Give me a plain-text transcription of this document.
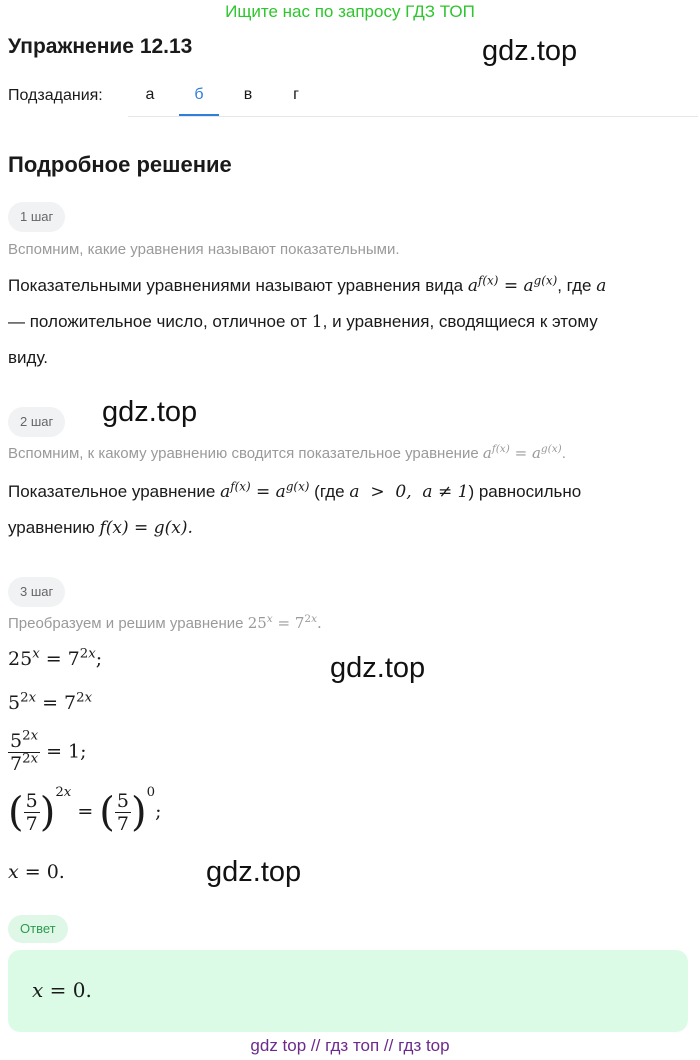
Ищите нас по запросу ГДЗ ТОП
Упражнение 12.13	gdz.top
Подзадания:	а	б	в	г
Подробное решение
1 шаг
Вспомним, какие уравнения называют показательными.
Показательными уравнениями называют уравнения вида $a^{f(x)} = a^{g(x)}$, где a
— положительное число, отличное от 1, и уравнения, сводящиеся к этому
виду.
2 шаг	gdz.top
Вспомним, к какому уравнению сводится показательное уравнение $a^{f(x)} = a^{g(x)}$.
Показательное уравнение $a^{f(x)} = a^{g(x)}$ (где a  >  0,  a ≠ 1) равносильно
уравнению f(x) = g(x).
3 шаг
Преобразуем и решим уравнение $25^x = 7^{2x}$.
$25^x = 7^{2x}$;	gdz.top
$5^{2x} = 7^{2x}$
$\frac{5^{2x}}{7^{2x}} = 1$;
( $\frac{5}{7} )^{2x}$ = ( $\frac{5}{7} )^0$;
x = 0.	gdz.top
Ответ
x = 0.
gdz top // гдз топ // гдз top
